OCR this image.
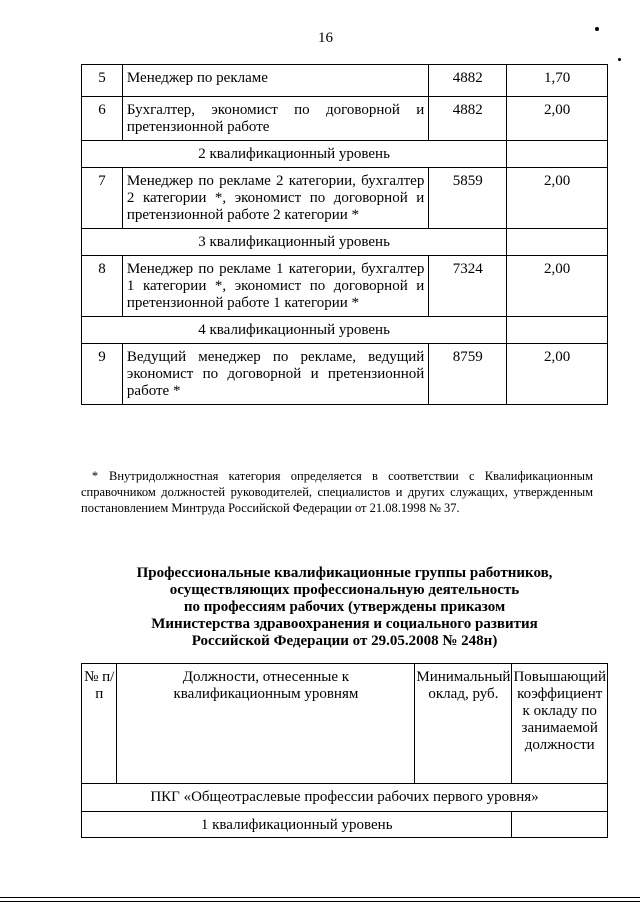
16
5	Менеджер по рекламе	4882	1,70
6	Бухгалтер, экономист по договорной и претензионной работе	4882	2,00
2 квалификационный уровень			
7	Менеджер по рекламе 2 категории, бухгалтер 2 категории *, экономист по договорной и претензионной работе 2 категории *	5859	2,00
3 квалификационный уровень			
8	Менеджер по рекламе 1 категории, бухгалтер 1 категории *, экономист по договорной и претензионной работе 1 категории *	7324	2,00
4 квалификационный уровень			
9	Ведущий менеджер по рекламе, ведущий экономист по договорной и претензионной работе *	8759	2,00
* Внутридолжностная категория определяется в соответствии с Квалификационным справочником должностей руководителей, специалистов и других служащих, утвержденным постановлением Минтруда Российской Федерации от 21.08.1998 № 37.
Профессиональные квалификационные группы работников,
осуществляющих профессиональную деятельность
по профессиям рабочих (утверждены приказом
Министерства здравоохранения и социального развития
Российской Федерации от 29.05.2008 № 248н)
№ п/п	Должности, отнесенные к квалификационным уровням	Минимальный оклад, руб.	Повышающий коэффициент к окладу по занимаемой должности
ПКГ «Общеотраслевые профессии рабочих первого уровня»			
1 квалификационный уровень			
